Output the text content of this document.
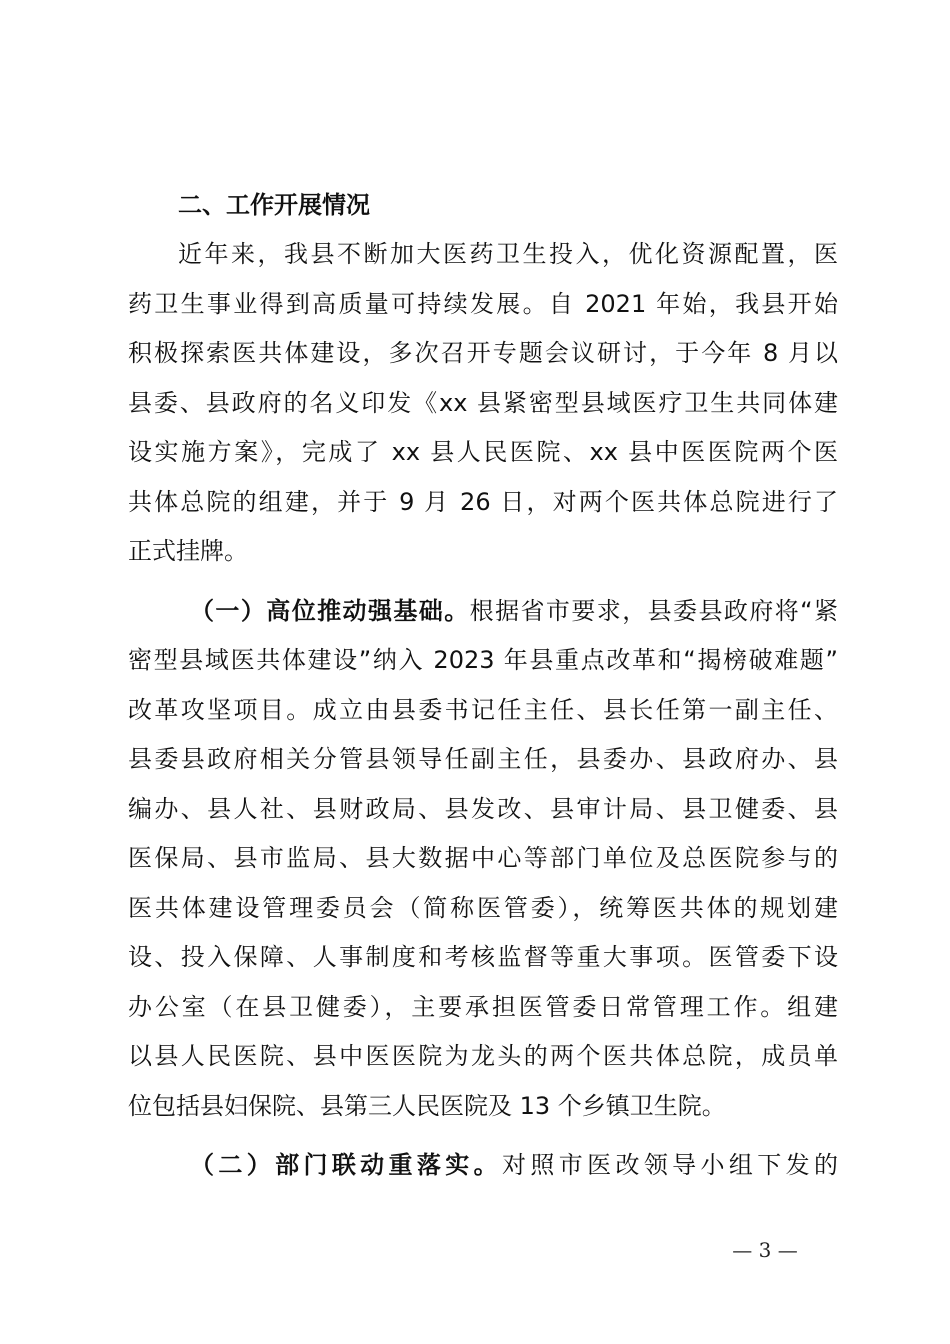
二、工作开展情况

近年来，我县不断加大医药卫生投入，优化资源配置，医
药卫生事业得到高质量可持续发展。自 2021 年始，我县开始
积极探索医共体建设，多次召开专题会议研讨，于今年 8 月以
县委、县政府的名义印发《xx 县紧密型县域医疗卫生共同体建
设实施方案》，完成了 xx 县人民医院、xx 县中医医院两个医
共体总院的组建，并于 9 月 26 日，对两个医共体总院进行了
正式挂牌。
（一）高位推动强基础。根据省市要求，县委县政府将“紧
密型县域医共体建设”纳入 2023 年县重点改革和“揭榜破难题”
改革攻坚项目。成立由县委书记任主任、县长任第一副主任、
县委县政府相关分管县领导任副主任，县委办、县政府办、县
编办、县人社、县财政局、县发改、县审计局、县卫健委、县
医保局、县市监局、县大数据中心等部门单位及总医院参与的
医共体建设管理委员会（简称医管委），统筹医共体的规划建
设、投入保障、人事制度和考核监督等重大事项。医管委下设
办公室（在县卫健委），主要承担医管委日常管理工作。组建
以县人民医院、县中医医院为龙头的两个医共体总院，成员单
位包括县妇保院、县第三人民医院及 13 个乡镇卫生院。
（二）部门联动重落实。对照市医改领导小组下发的
— 3 —
